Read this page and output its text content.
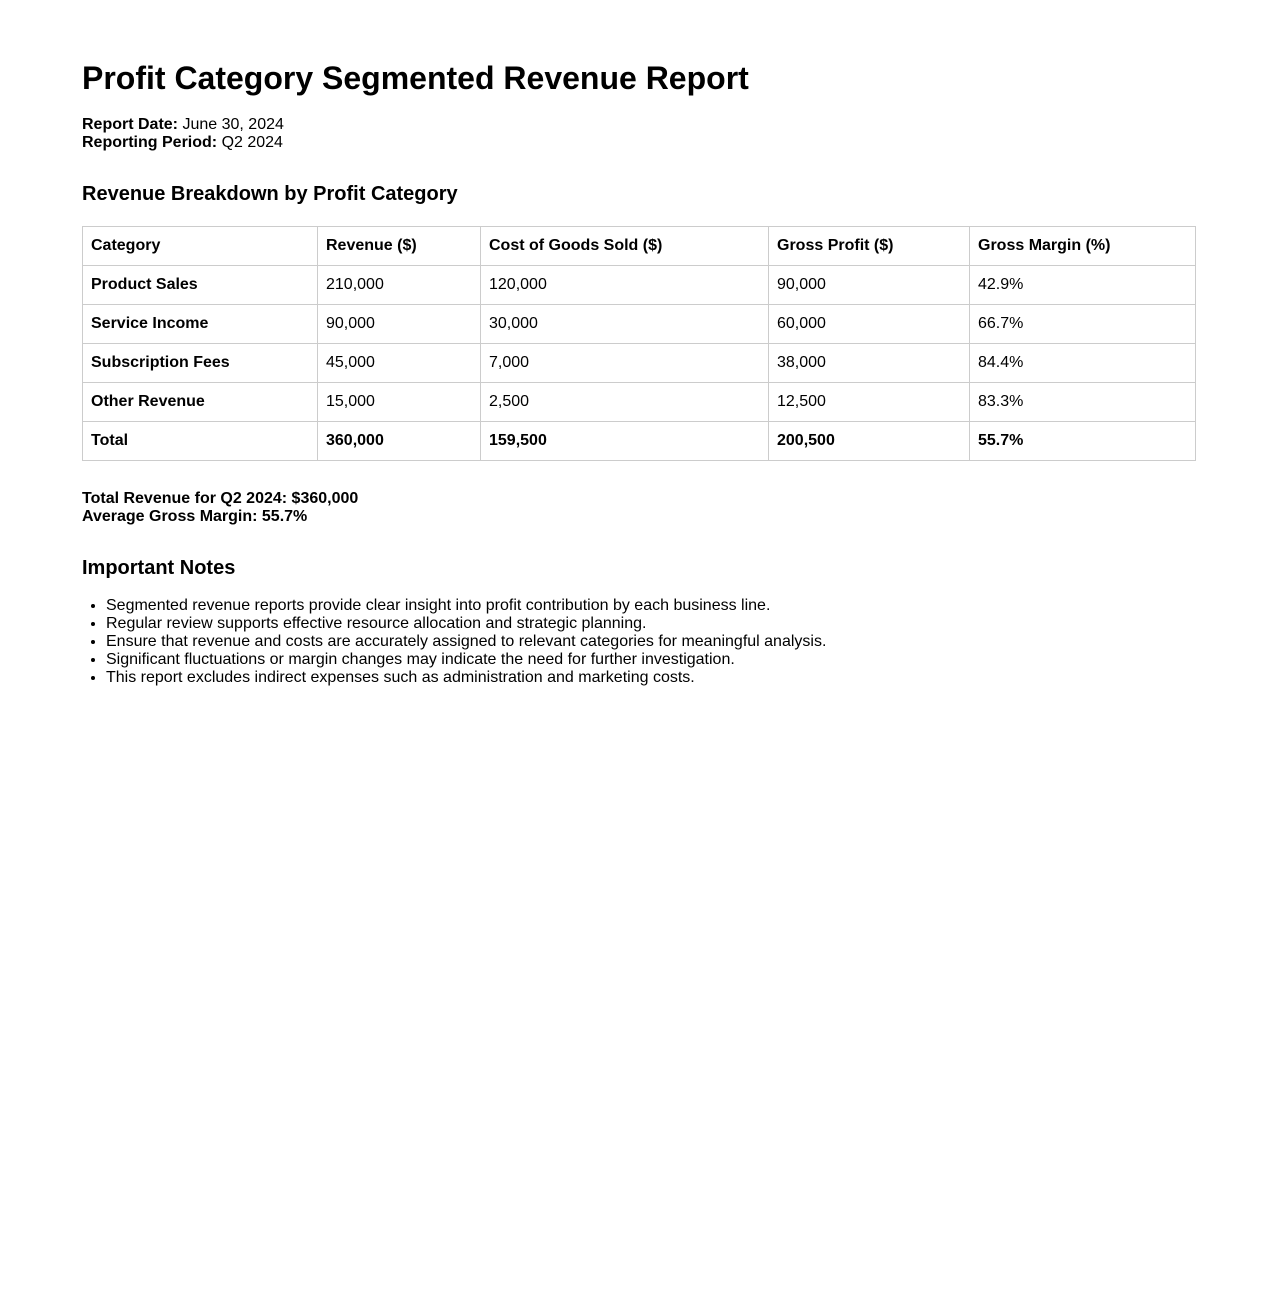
Profit Category Segmented Revenue Report
Report Date: June 30, 2024
Reporting Period: Q2 2024
Revenue Breakdown by Profit Category
Category	Revenue ($)	Cost of Goods Sold ($)	Gross Profit ($)	Gross Margin (%)
Product Sales	210,000	120,000	90,000	42.9%
Service Income	90,000	30,000	60,000	66.7%
Subscription Fees	45,000	7,000	38,000	84.4%
Other Revenue	15,000	2,500	12,500	83.3%
Total	360,000	159,500	200,500	55.7%
Total Revenue for Q2 2024: $360,000
Average Gross Margin: 55.7%
Important Notes
• Segmented revenue reports provide clear insight into profit contribution by each business line.
• Regular review supports effective resource allocation and strategic planning.
• Ensure that revenue and costs are accurately assigned to relevant categories for meaningful analysis.
• Significant fluctuations or margin changes may indicate the need for further investigation.
• This report excludes indirect expenses such as administration and marketing costs.
